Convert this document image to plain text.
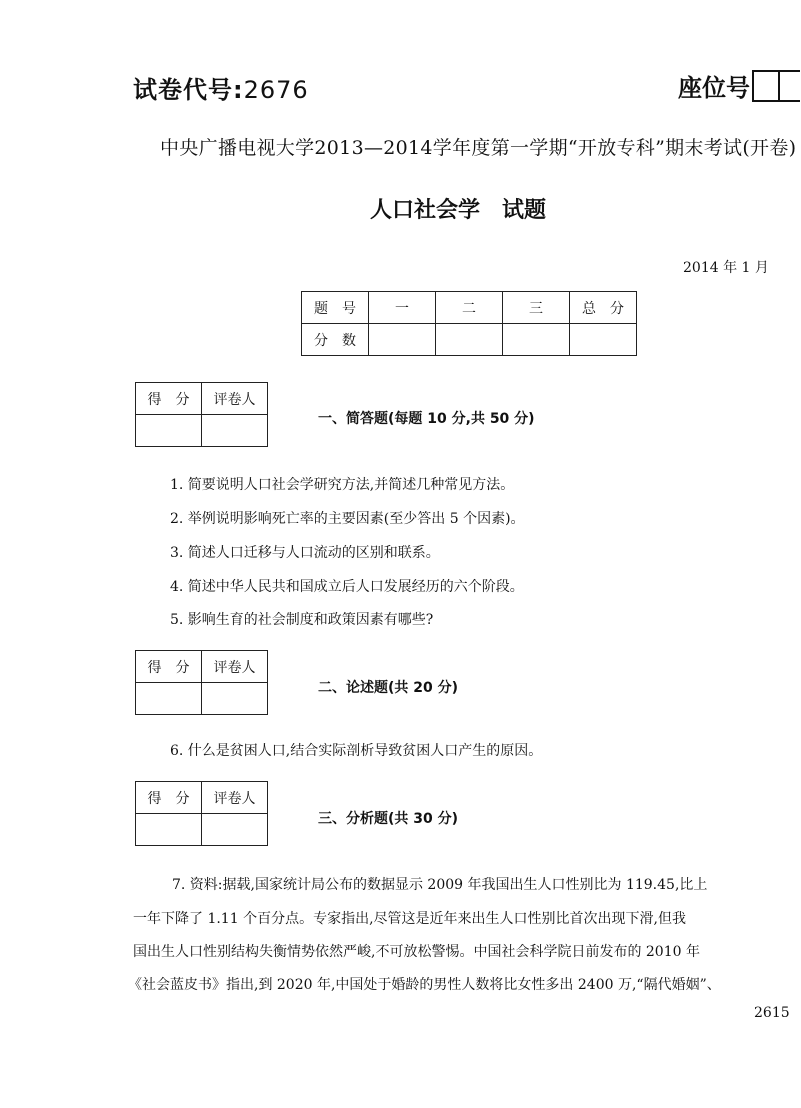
试卷代号:2676	座位号
中央广播电视大学2013—2014学年度第一学期“开放专科”期末考试(开卷)
人口社会学　试题
2014 年 1 月
题　号	一	二	三	总　分
分　数				
得　分	评卷人

一、简答题(每题 10 分,共 50 分)
1. 简要说明人口社会学研究方法,并简述几种常见方法。
2. 举例说明影响死亡率的主要因素(至少答出 5 个因素)。
3. 简述人口迁移与人口流动的区别和联系。
4. 简述中华人民共和国成立后人口发展经历的六个阶段。
5. 影响生育的社会制度和政策因素有哪些?
得　分	评卷人

二、论述题(共 20 分)
6. 什么是贫困人口,结合实际剖析导致贫困人口产生的原因。
得　分	评卷人

三、分析题(共 30 分)
7. 资料:据载,国家统计局公布的数据显示 2009 年我国出生人口性别比为 119.45,比上
一年下降了 1.11 个百分点。专家指出,尽管这是近年来出生人口性别比首次出现下滑,但我
国出生人口性别结构失衡情势依然严峻,不可放松警惕。中国社会科学院日前发布的 2010 年
《社会蓝皮书》指出,到 2020 年,中国处于婚龄的男性人数将比女性多出 2400 万,“隔代婚姻”、
2615
